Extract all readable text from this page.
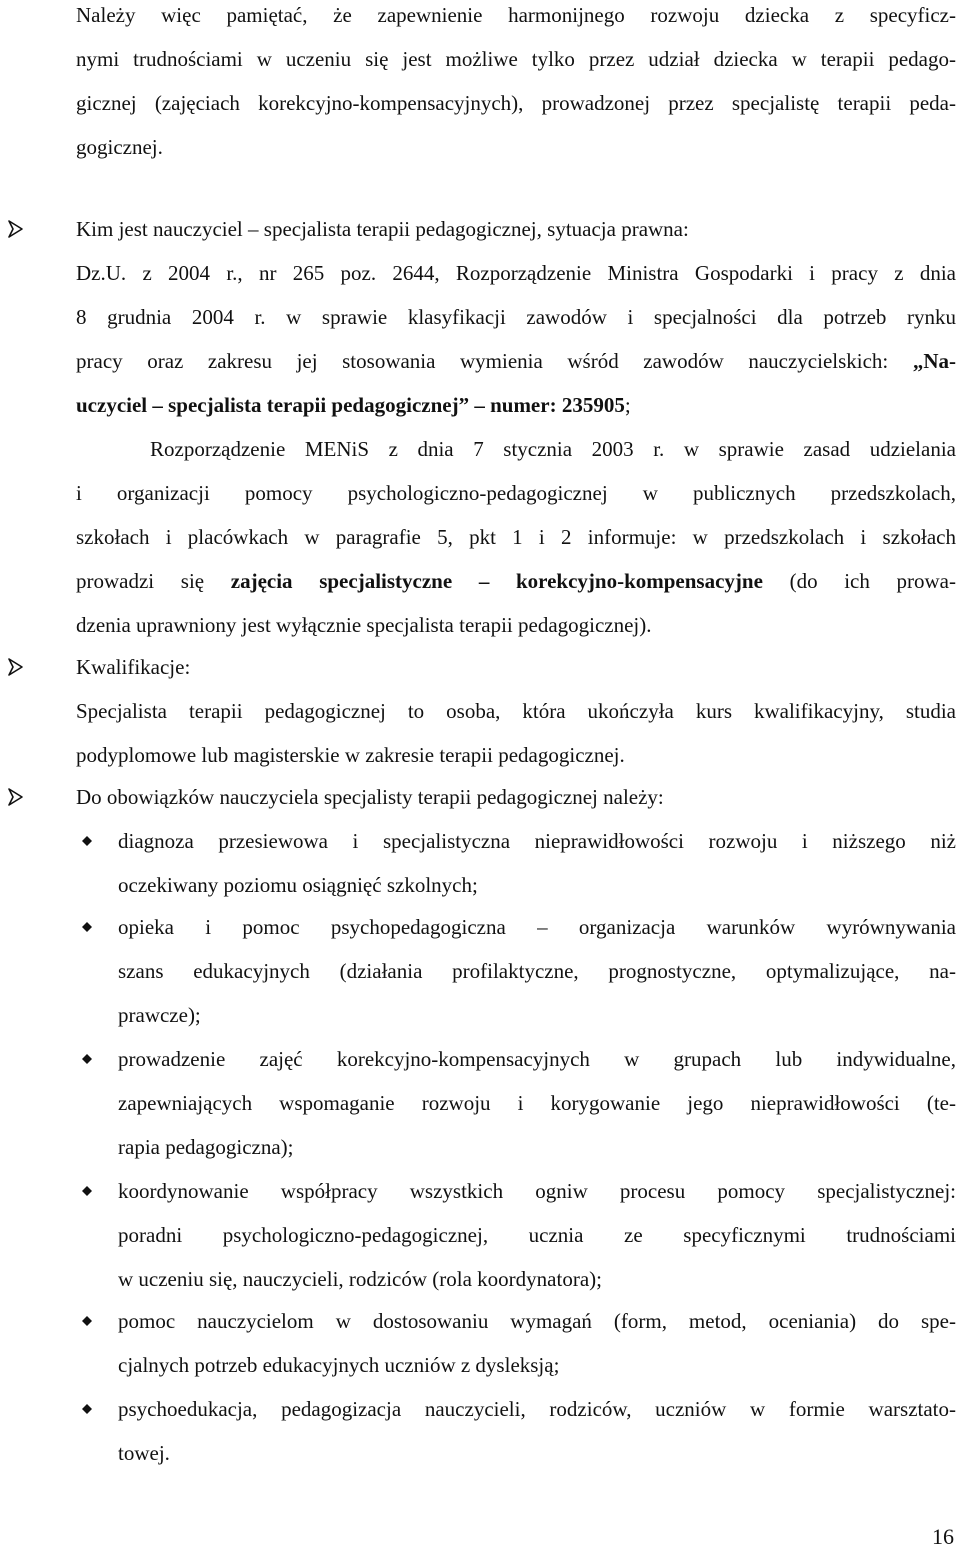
Należy więc pamiętać, że zapewnienie harmonijnego rozwoju dziecka z specyficz-
nymi trudnościami w uczeniu się jest możliwe tylko przez udział dziecka w terapii pedago-
gicznej (zajęciach korekcyjno-kompensacyjnych), prowadzonej przez specjalistę terapii peda-
gogicznej.
Kim jest nauczyciel – specjalista terapii pedagogicznej, sytuacja prawna:
Dz.U. z 2004 r., nr 265 poz. 2644, Rozporządzenie Ministra Gospodarki i pracy z dnia
8 grudnia 2004 r. w sprawie klasyfikacji zawodów i specjalności dla potrzeb rynku
pracy oraz zakresu jej stosowania wymienia wśród zawodów nauczycielskich: „Na-
uczyciel – specjalista terapii pedagogicznej” – numer: 235905;
Rozporządzenie MENiS z dnia 7 stycznia 2003 r. w sprawie zasad udzielania
i organizacji pomocy psychologiczno-pedagogicznej w publicznych przedszkolach,
szkołach i placówkach w paragrafie 5, pkt 1 i 2 informuje: w przedszkolach i szkołach
prowadzi się zajęcia specjalistyczne – korekcyjno-kompensacyjne (do ich prowa-
dzenia uprawniony jest wyłącznie specjalista terapii pedagogicznej).
Kwalifikacje:
Specjalista terapii pedagogicznej to osoba, która ukończyła kurs kwalifikacyjny, studia
podyplomowe lub magisterskie w zakresie terapii pedagogicznej.
Do obowiązków nauczyciela specjalisty terapii pedagogicznej należy:
diagnoza przesiewowa i specjalistyczna nieprawidłowości rozwoju i niższego niż
oczekiwany poziomu osiągnięć szkolnych;
opieka i pomoc psychopedagogiczna – organizacja warunków wyrównywania
szans edukacyjnych (działania profilaktyczne, prognostyczne, optymalizujące, na-
prawcze);
prowadzenie zajęć korekcyjno-kompensacyjnych w grupach lub indywidualne,
zapewniających wspomaganie rozwoju i korygowanie jego nieprawidłowości (te-
rapia pedagogiczna);
koordynowanie współpracy wszystkich ogniw procesu pomocy specjalistycznej:
poradni psychologiczno-pedagogicznej, ucznia ze specyficznymi trudnościami
w uczeniu się, nauczycieli, rodziców (rola koordynatora);
pomoc nauczycielom w dostosowaniu wymagań (form, metod, oceniania) do spe-
cjalnych potrzeb edukacyjnych uczniów z dysleksją;
psychoedukacja, pedagogizacja nauczycieli, rodziców, uczniów w formie warsztato-
towej.
16
